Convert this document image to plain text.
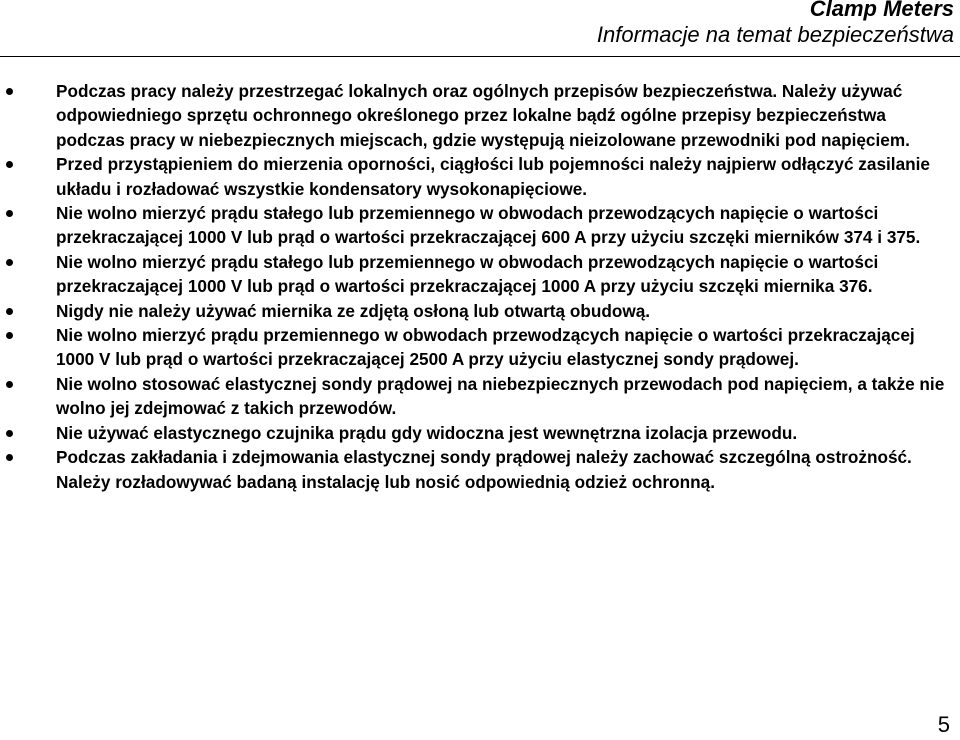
Clamp Meters
Informacje na temat bezpieczeństwa
Podczas pracy należy przestrzegać lokalnych oraz ogólnych przepisów bezpieczeństwa. Należy używać odpowiedniego sprzętu ochronnego określonego przez lokalne bądź ogólne przepisy bezpieczeństwa podczas pracy w niebezpiecznych miejscach, gdzie występują nieizolowane przewodniki pod napięciem.
Przed przystąpieniem do mierzenia oporności, ciągłości lub pojemności należy najpierw odłączyć zasilanie układu i rozładować wszystkie kondensatory wysokonapięciowe.
Nie wolno mierzyć prądu stałego lub przemiennego w obwodach przewodzących napięcie o wartości przekraczającej 1000 V lub prąd o wartości przekraczającej 600 A przy użyciu szczęki mierników 374 i 375.
Nie wolno mierzyć prądu stałego lub przemiennego w obwodach przewodzących napięcie o wartości przekraczającej 1000 V lub prąd o wartości przekraczającej 1000 A przy użyciu szczęki miernika 376.
Nigdy nie należy używać miernika ze zdjętą osłoną lub otwartą obudową.
Nie wolno mierzyć prądu przemiennego w obwodach przewodzących napięcie o wartości przekraczającej 1000 V lub prąd o wartości przekraczającej 2500 A przy użyciu elastycznej sondy prądowej.
Nie wolno stosować elastycznej sondy prądowej na niebezpiecznych przewodach pod napięciem, a także nie wolno jej zdejmować z takich przewodów.
Nie używać elastycznego czujnika prądu gdy widoczna jest wewnętrzna izolacja przewodu.
Podczas zakładania i zdejmowania elastycznej sondy prądowej należy zachować szczególną ostrożność. Należy rozładowywać badaną instalację lub nosić odpowiednią odzież ochronną.
5
